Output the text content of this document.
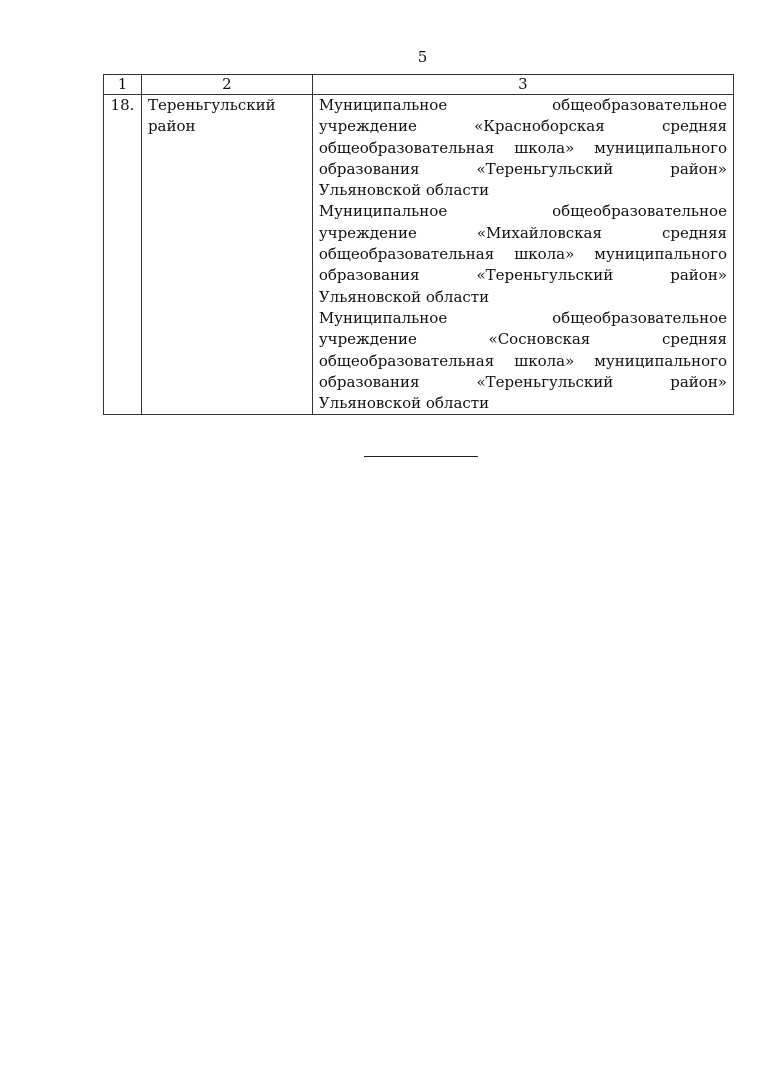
5
1	2	3
18.	Тереньгульский район	Муниципальное общеобразовательное учреждение «Красноборская средняя общеобразовательная школа» муниципального образования «Тереньгульский район» Ульяновской области
Муниципальное общеобразовательное учреждение «Михайловская средняя общеобразовательная школа» муниципального образования «Тереньгульский район» Ульяновской области
Муниципальное общеобразовательное учреждение «Сосновская средняя общеобразовательная школа» муниципального образования «Тереньгульский район» Ульяновской области
